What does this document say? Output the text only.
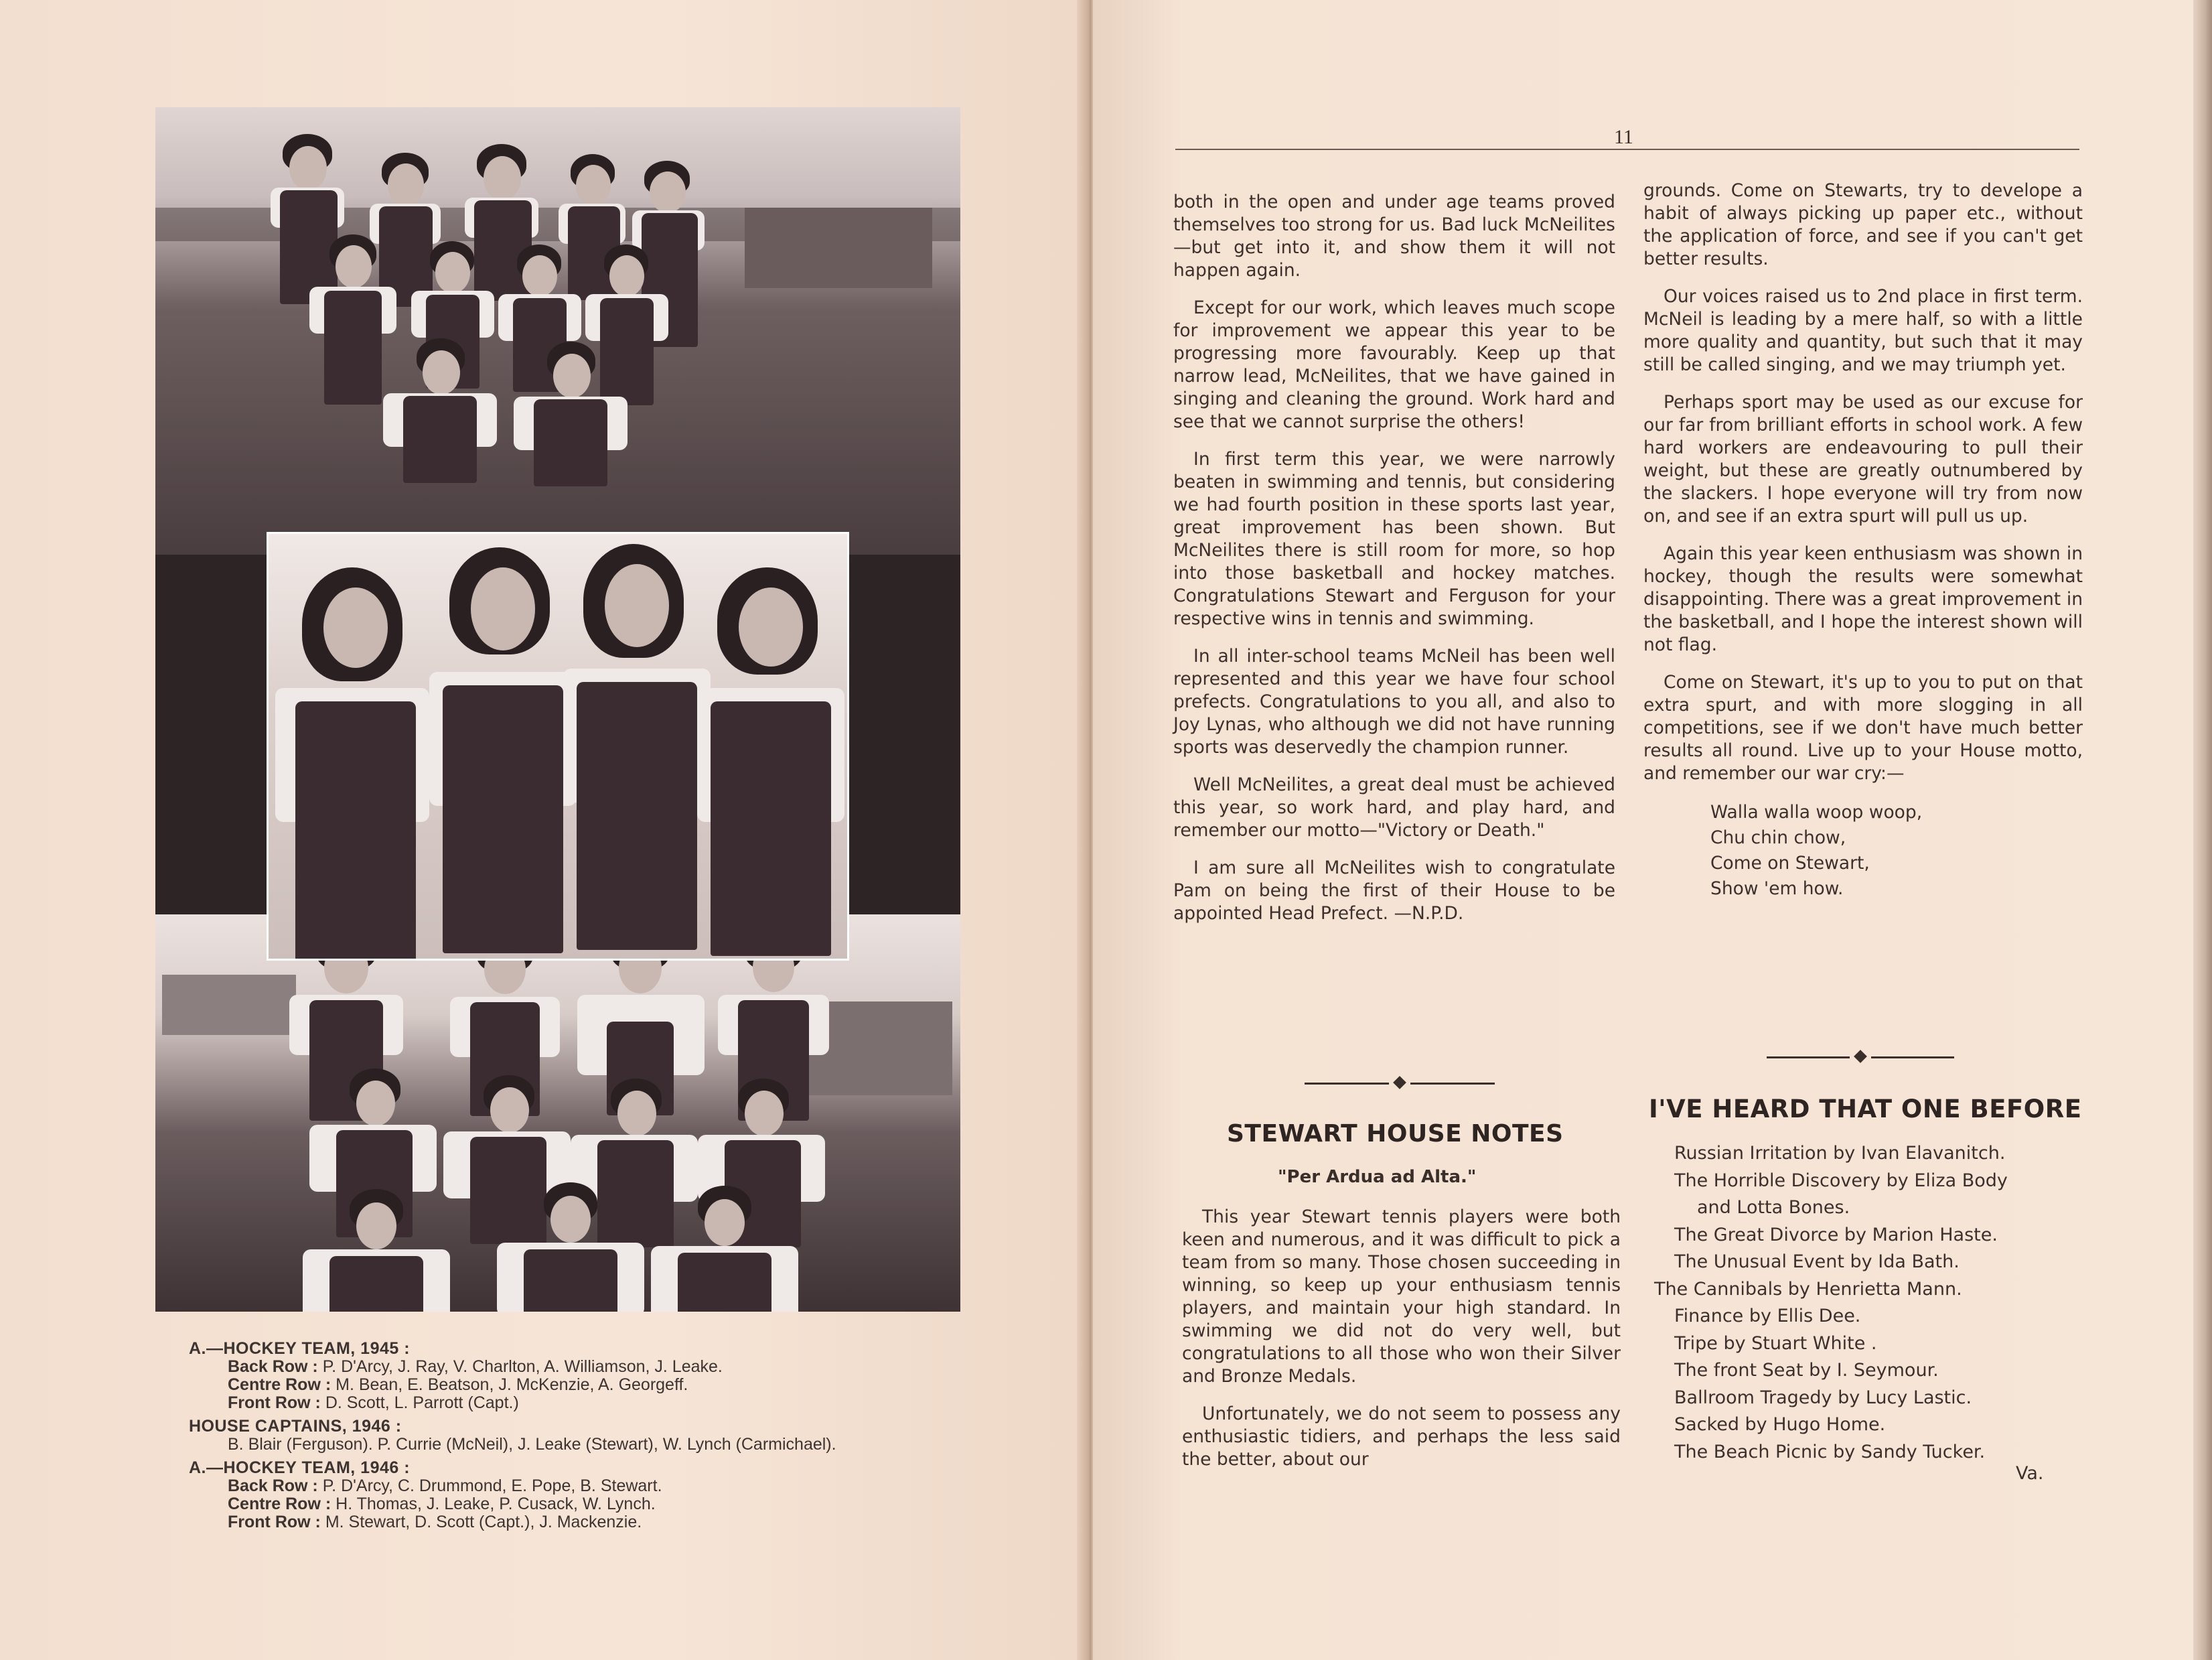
A.—HOCKEY TEAM, 1945 :
Back Row : P. D'Arcy, J. Ray, V. Charlton, A. Williamson, J. Leake.
Centre Row : M. Bean, E. Beatson, J. McKenzie, A. Georgeff.
Front Row : D. Scott, L. Parrott (Capt.)
HOUSE CAPTAINS, 1946 :
B. Blair (Ferguson). P. Currie (McNeil), J. Leake (Stewart), W. Lynch (Carmichael).
A.—HOCKEY TEAM, 1946 :
Back Row : P. D'Arcy, C. Drummond, E. Pope, B. Stewart.
Centre Row : H. Thomas, J. Leake, P. Cusack, W. Lynch.
Front Row : M. Stewart, D. Scott (Capt.), J. Mackenzie.
11

both in the open and under age teams proved themselves too strong for us. Bad luck McNeilites—but get into it, and show them it will not happen again.

Except for our work, which leaves much scope for improvement we appear this year to be progressing more favourably. Keep up that narrow lead, McNeilites, that we have gained in singing and cleaning the ground. Work hard and see that we cannot surprise the others!

In first term this year, we were narrowly beaten in swimming and tennis, but considering we had fourth position in these sports last year, great improvement has been shown. But McNeilites there is still room for more, so hop into those basketball and hockey matches. Congratulations Stewart and Ferguson for your respective wins in tennis and swimming.

In all inter-school teams McNeil has been well represented and this year we have four school prefects. Congratulations to you all, and also to Joy Lynas, who although we did not have running sports was deservedly the champion runner.

Well McNeilites, a great deal must be achieved this year, so work hard, and play hard, and remember our motto—"Victory or Death."

I am sure all McNeilites wish to congratulate Pam on being the first of their House to be appointed Head Prefect. —N.P.D.

STEWART HOUSE NOTES
"Per Ardua ad Alta."

This year Stewart tennis players were both keen and numerous, and it was difficult to pick a team from so many. Those chosen succeeding in winning, so keep up your enthusiasm tennis players, and maintain your high standard. In swimming we did not do very well, but congratulations to all those who won their Silver and Bronze Medals.

Unfortunately, we do not seem to possess any enthusiastic tidiers, and perhaps the less said the better, about our

grounds. Come on Stewarts, try to develope a habit of always picking up paper etc., without the application of force, and see if you can't get better results.

Our voices raised us to 2nd place in first term. McNeil is leading by a mere half, so with a little more quality and quantity, but such that it may still be called singing, and we may triumph yet.

Perhaps sport may be used as our excuse for our far from brilliant efforts in school work. A few hard workers are endeavouring to pull their weight, but these are greatly outnumbered by the slackers. I hope everyone will try from now on, and see if an extra spurt will pull us up.

Again this year keen enthusiasm was shown in hockey, though the results were somewhat disappointing. There was a great improvement in the basketball, and I hope the interest shown will not flag.

Come on Stewart, it's up to you to put on that extra spurt, and with more slogging in all competitions, see if we don't have much better results all round. Live up to your House motto, and remember our war cry:—

Walla walla woop woop,
Chu chin chow,
Come on Stewart,
Show 'em how.
I'VE HEARD THAT ONE BEFORE
Russian Irritation by Ivan Elavanitch.
The Horrible Discovery by Eliza Body
and Lotta Bones.
The Great Divorce by Marion Haste.
The Unusual Event by Ida Bath.
The Cannibals by Henrietta Mann.
Finance by Ellis Dee.
Tripe by Stuart White .
The front Seat by I. Seymour.
Ballroom Tragedy by Lucy Lastic.
Sacked by Hugo Home.
The Beach Picnic by Sandy Tucker.
Va.
